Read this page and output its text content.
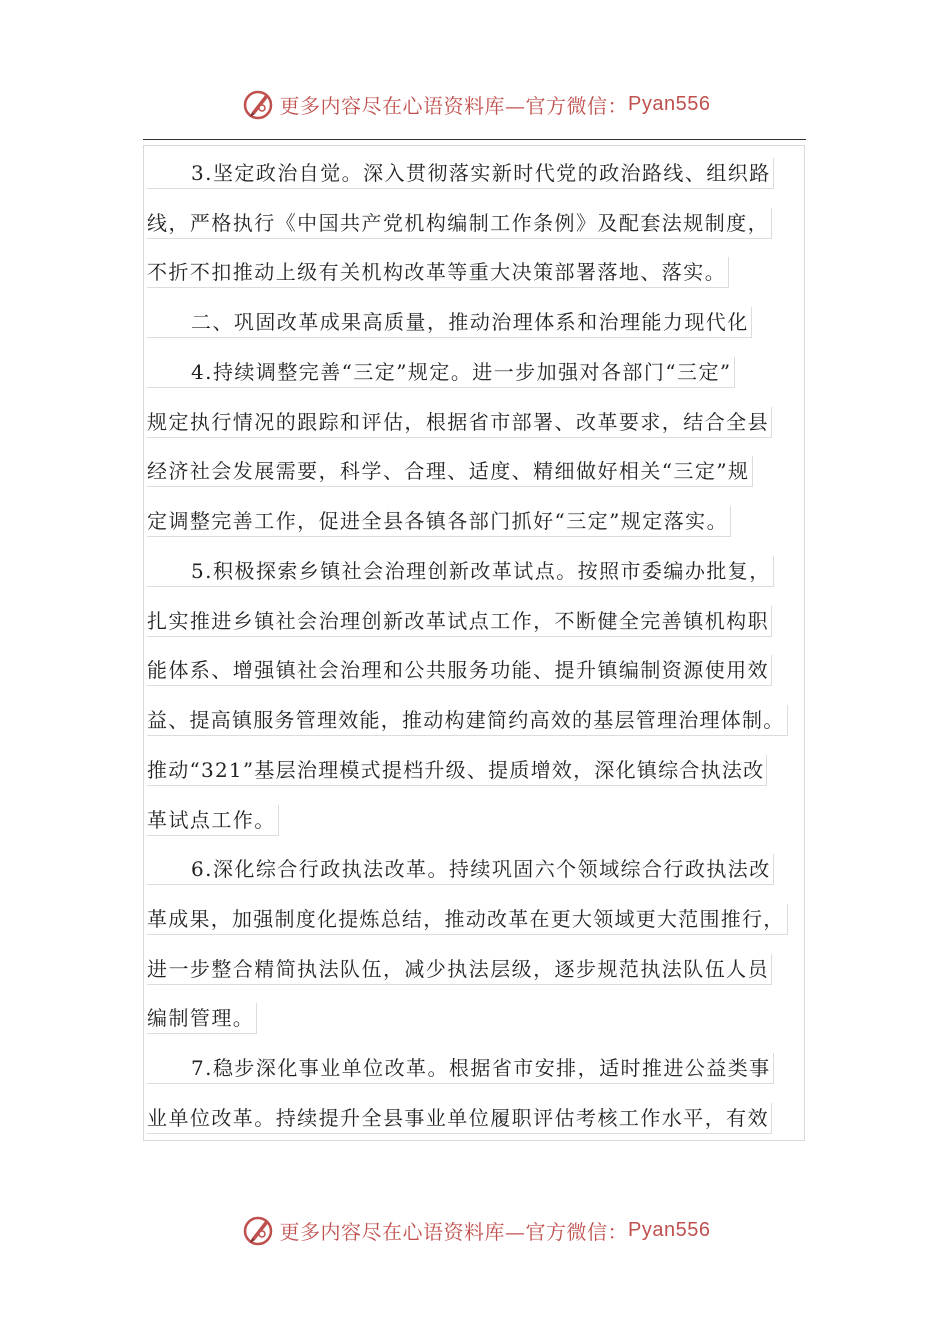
更多内容尽在心语资料库—官方微信： Pyan556
3.坚定政治自觉。深入贯彻落实新时代党的政治路线、组织路
线，严格执行《中国共产党机构编制工作条例》及配套法规制度，
不折不扣推动上级有关机构改革等重大决策部署落地、落实。
二、巩固改革成果高质量，推动治理体系和治理能力现代化
4.持续调整完善“三定”规定。进一步加强对各部门“三定”
规定执行情况的跟踪和评估，根据省市部署、改革要求，结合全县
经济社会发展需要，科学、合理、适度、精细做好相关“三定”规
定调整完善工作，促进全县各镇各部门抓好“三定”规定落实。
5.积极探索乡镇社会治理创新改革试点。按照市委编办批复，
扎实推进乡镇社会治理创新改革试点工作，不断健全完善镇机构职
能体系、增强镇社会治理和公共服务功能、提升镇编制资源使用效
益、提高镇服务管理效能，推动构建简约高效的基层管理治理体制。
推动“321”基层治理模式提档升级、提质增效，深化镇综合执法改
革试点工作。
6.深化综合行政执法改革。持续巩固六个领域综合行政执法改
革成果，加强制度化提炼总结，推动改革在更大领域更大范围推行，
进一步整合精简执法队伍，减少执法层级，逐步规范执法队伍人员
编制管理。
7.稳步深化事业单位改革。根据省市安排，适时推进公益类事
业单位改革。持续提升全县事业单位履职评估考核工作水平，有效
更多内容尽在心语资料库—官方微信： Pyan556
